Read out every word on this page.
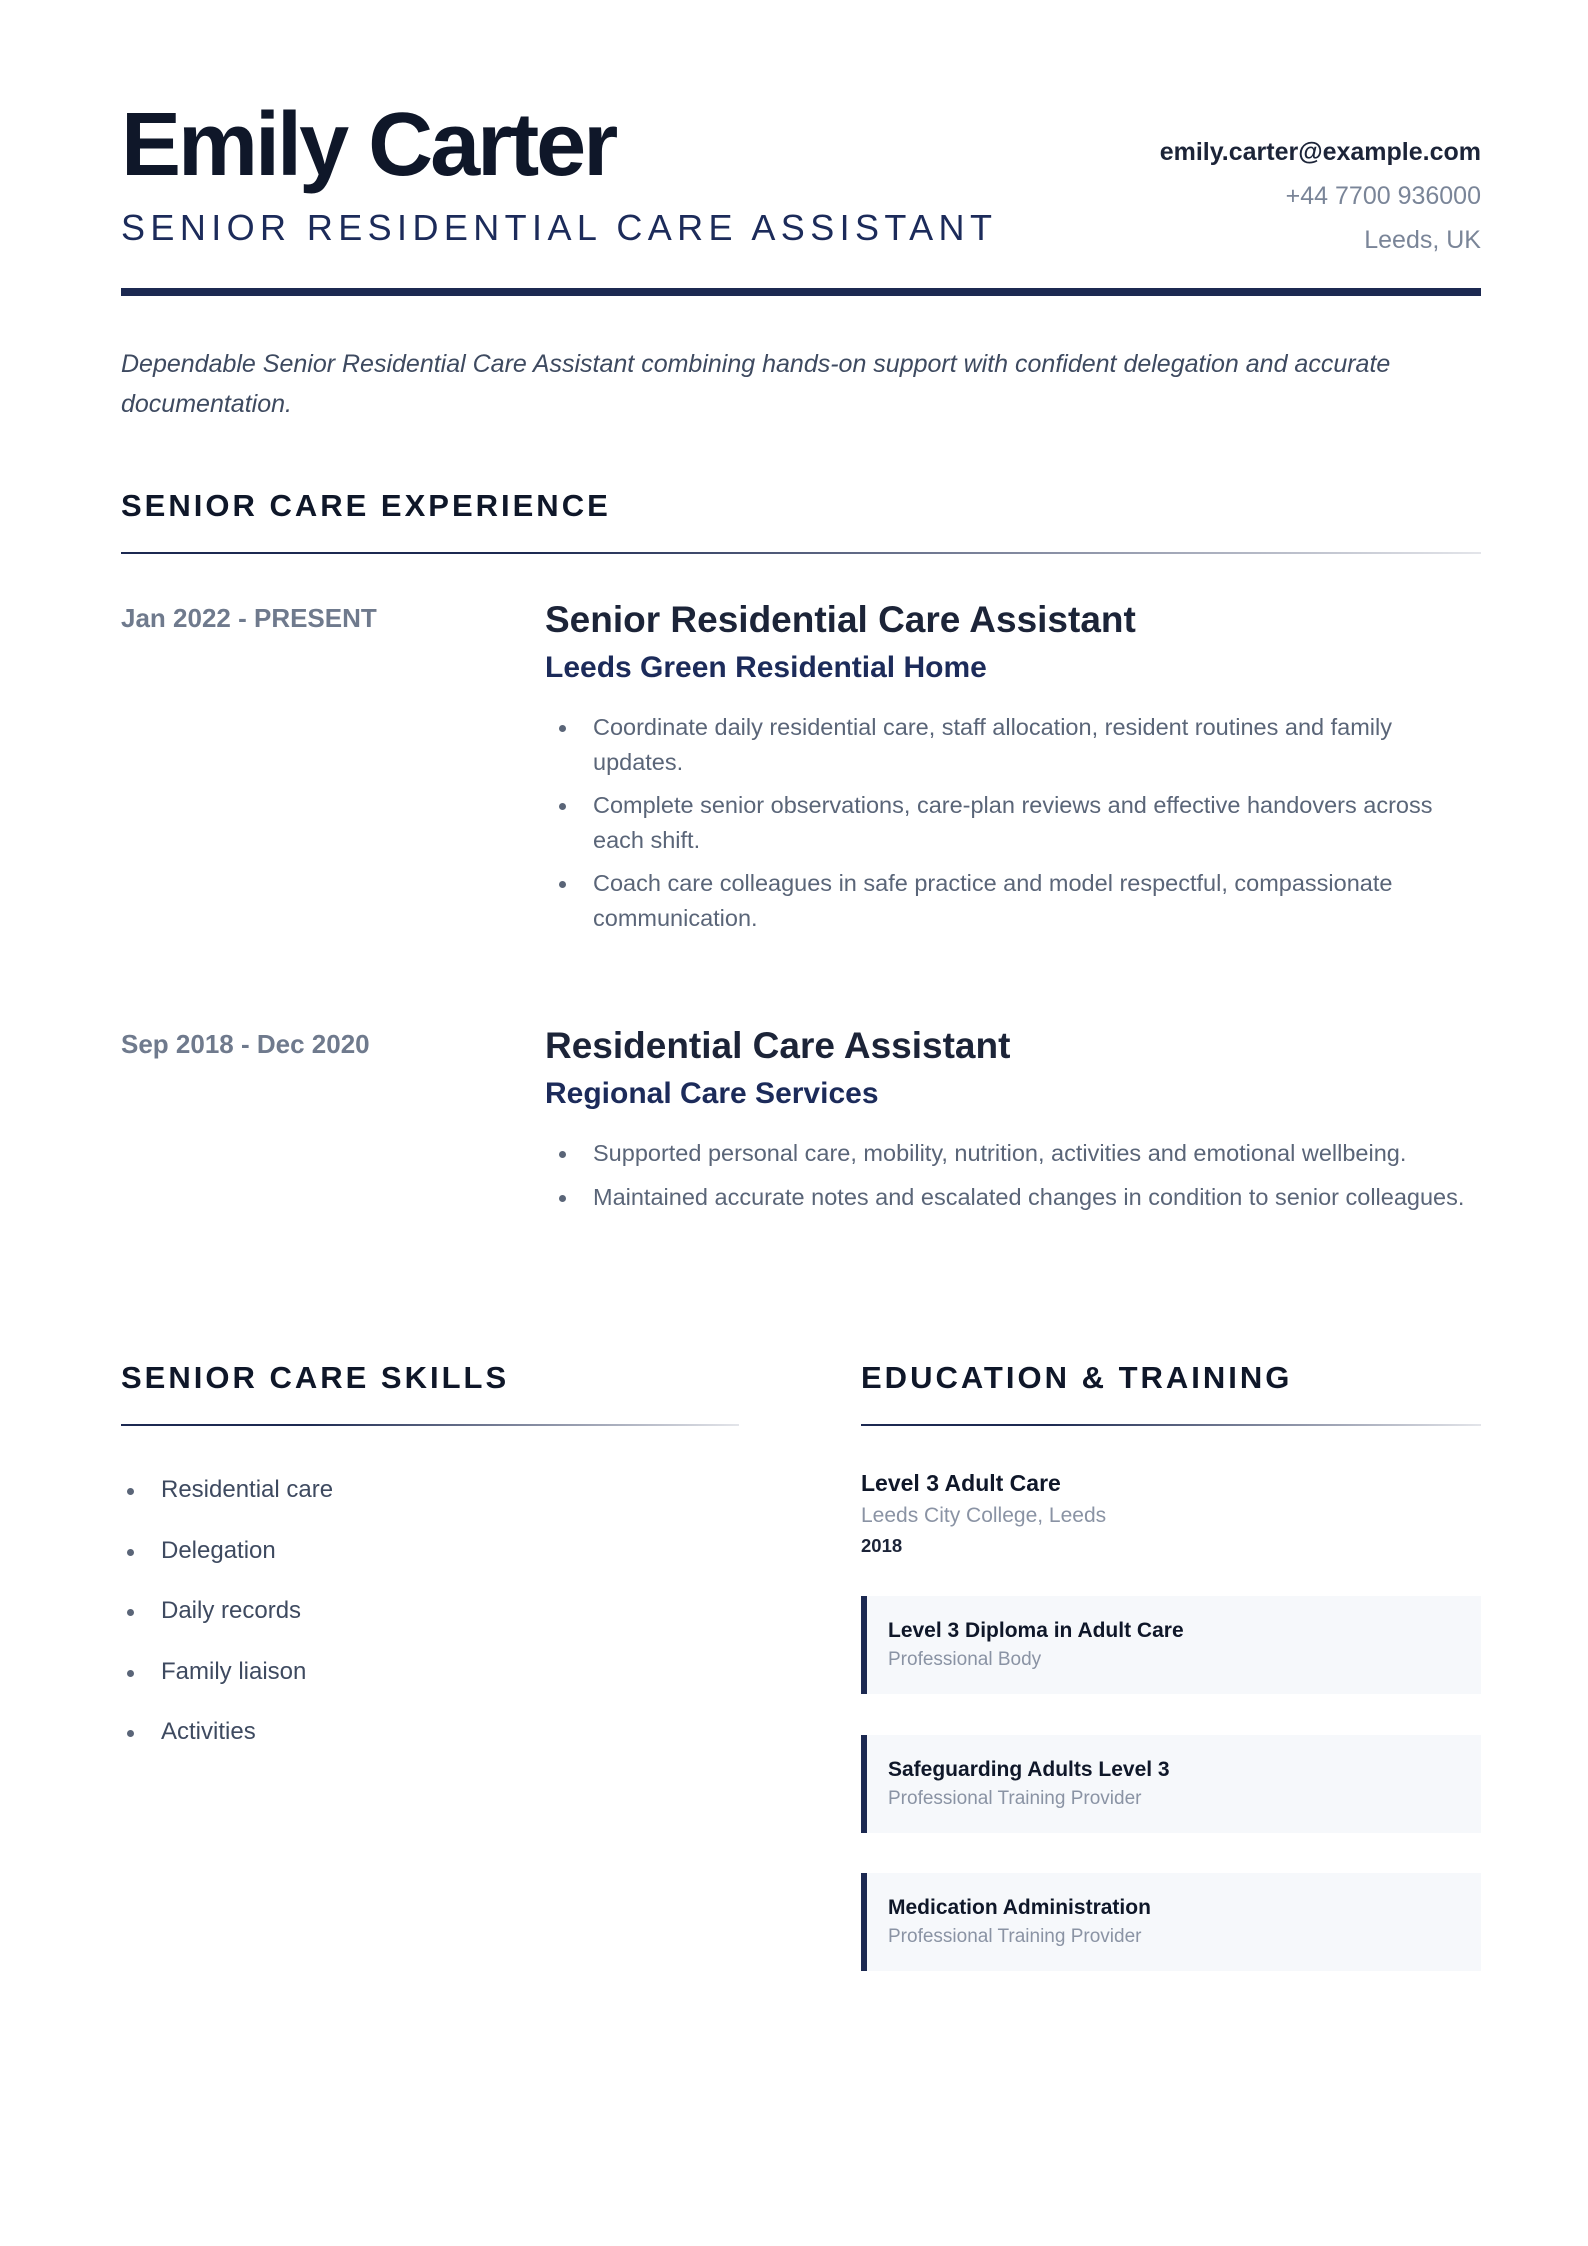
Emily Carter
SENIOR RESIDENTIAL CARE ASSISTANT
emily.carter@example.com
+44 7700 936000
Leeds, UK

Dependable Senior Residential Care Assistant combining hands-on support with confident delegation and accurate documentation.

SENIOR CARE EXPERIENCE
Jan 2022 - PRESENT	Senior Residential Care Assistant
Leeds Green Residential Home
Coordinate daily residential care, staff allocation, resident routines and family updates.
Complete senior observations, care-plan reviews and effective handovers across each shift.
Coach care colleagues in safe practice and model respectful, compassionate communication.
Sep 2018 - Dec 2020	Residential Care Assistant
Regional Care Services
Supported personal care, mobility, nutrition, activities and emotional wellbeing.
Maintained accurate notes and escalated changes in condition to senior colleagues.
SENIOR CARE SKILLS
Residential care
Delegation
Daily records
Family liaison
Activities
EDUCATION & TRAINING
Level 3 Adult Care
Leeds City College, Leeds
2018
Level 3 Diploma in Adult Care
Professional Body
Safeguarding Adults Level 3
Professional Training Provider
Medication Administration
Professional Training Provider
